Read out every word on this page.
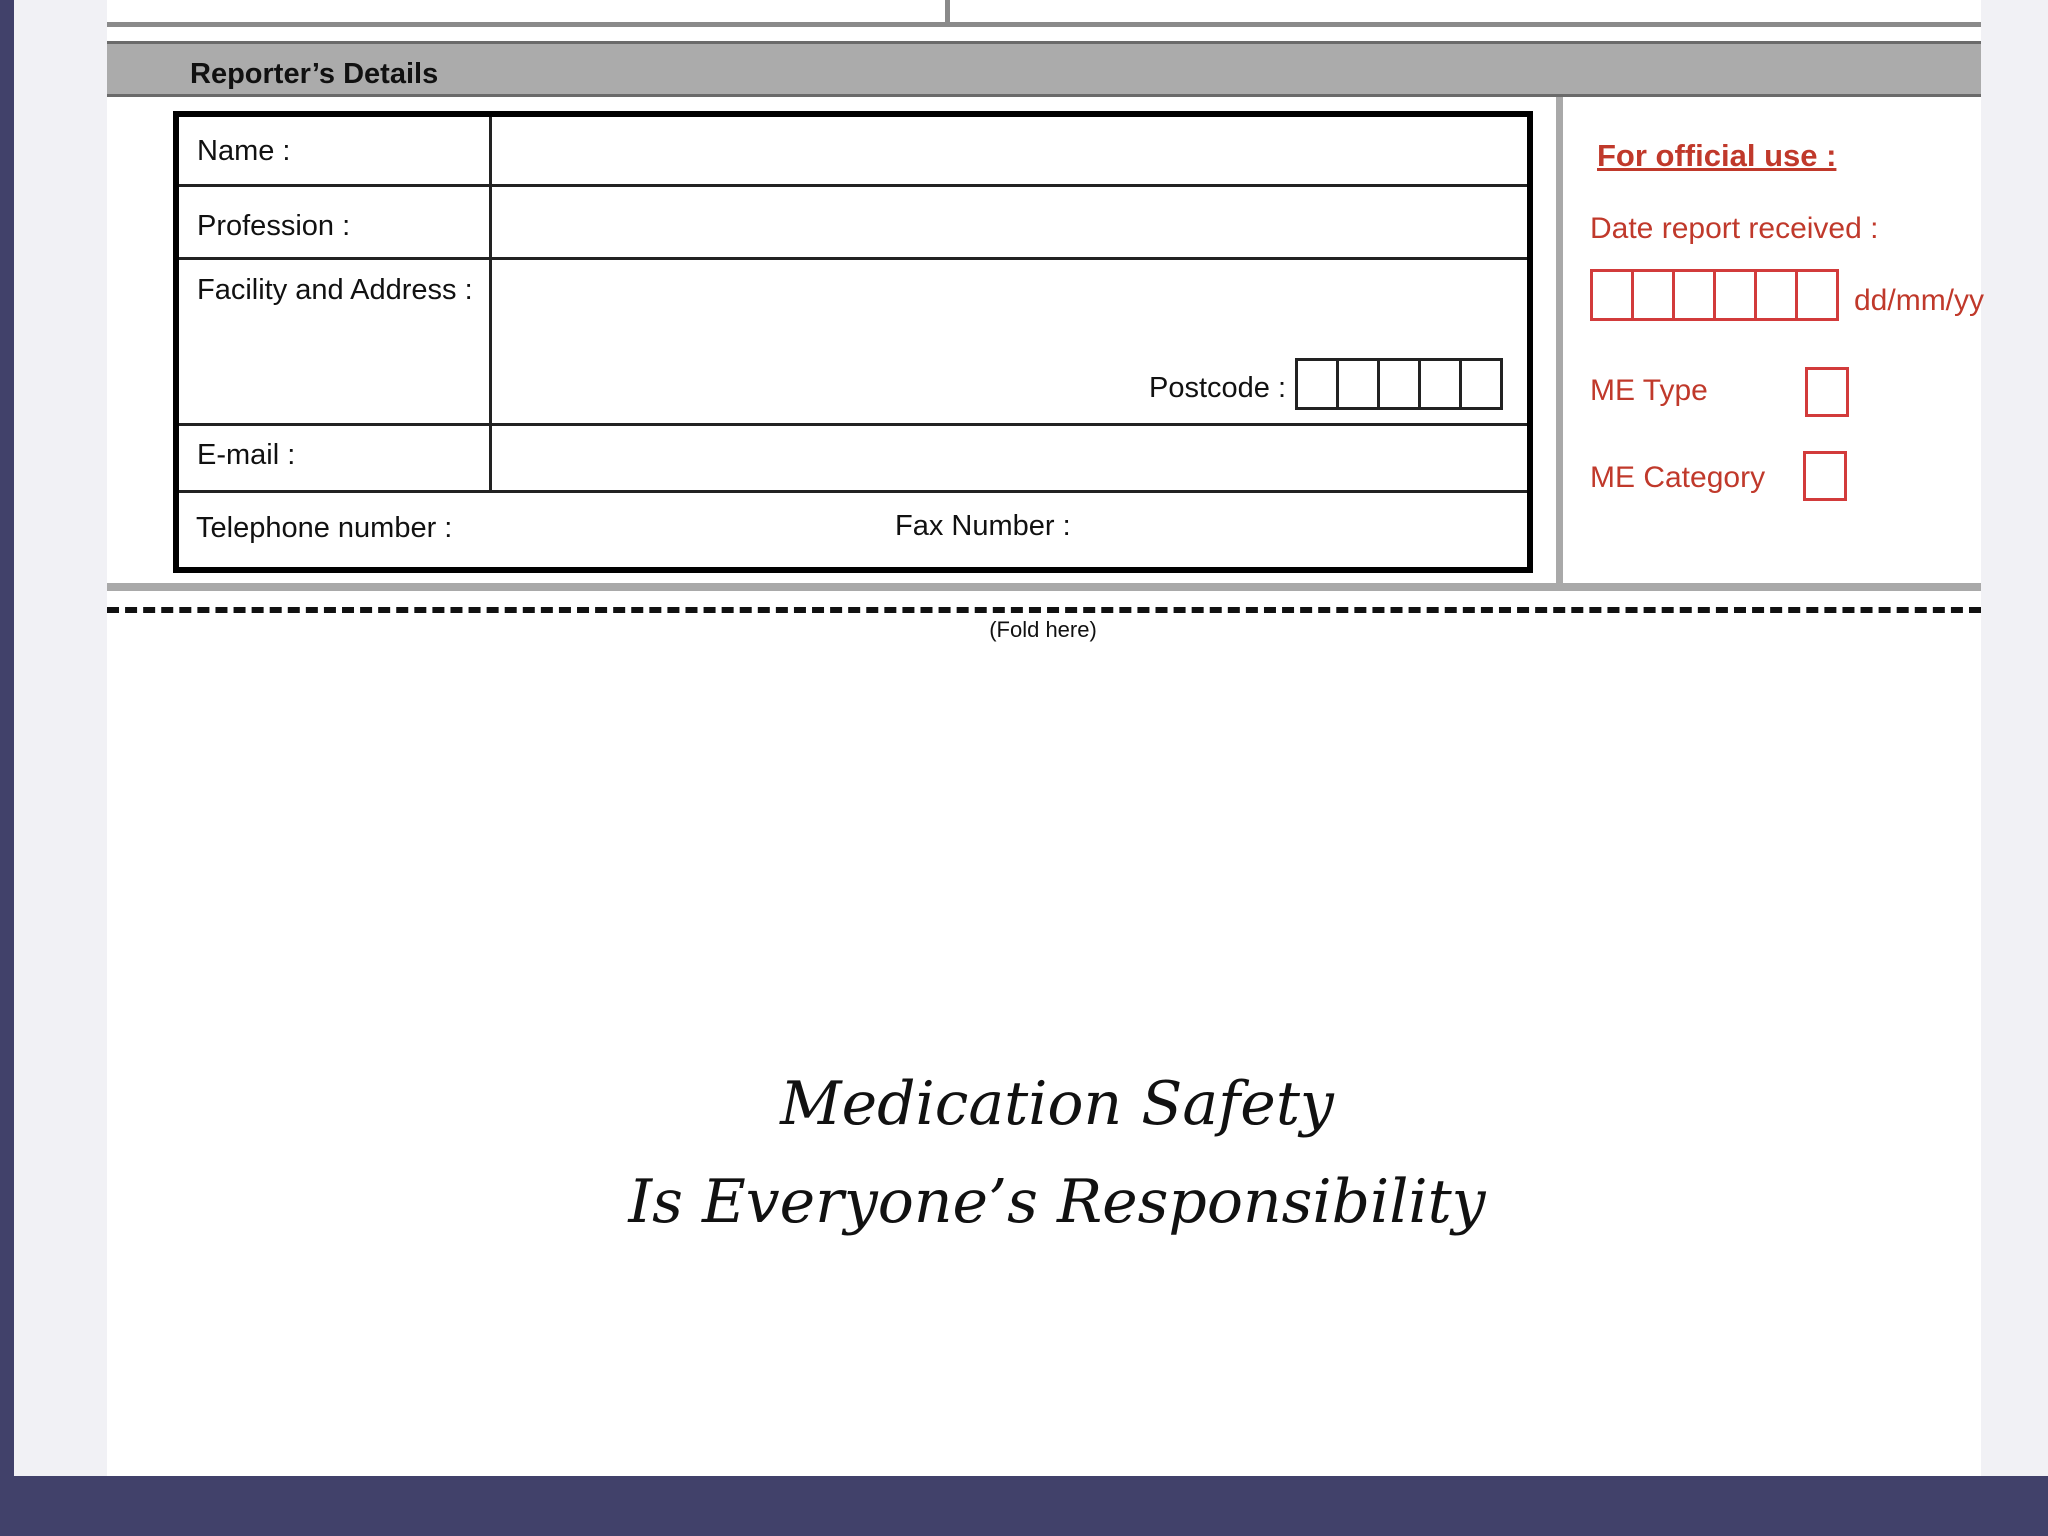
Reporter’s Details
Name :
Profession :
Facility and Address :
Postcode :
E-mail :
Telephone number :	Fax Number :
For official use :
Date report received :
dd/mm/yy
ME Type
ME Category
(Fold here)
Medication Safety
Is Everyone’s Responsibility
